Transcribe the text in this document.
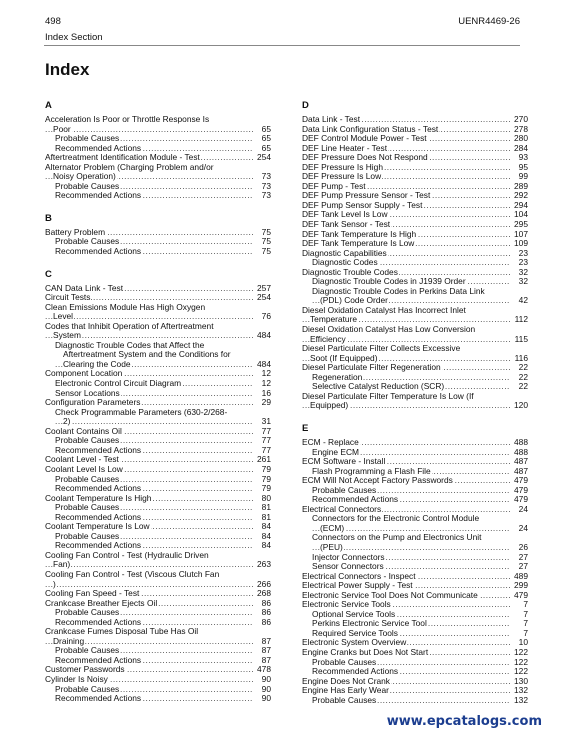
498	UENR4469-26
Index Section
Index
A
Acceleration Is Poor or Throttle Response Is
.....
Poor	65
.....
Probable Causes	65
.....
Recommended Actions	65
.....
Aftertreatment Identification Module - Test	254
Alternator Problem (Charging Problem and/or
.....
Noisy Operation)	73
.....
Probable Causes	73
.....
Recommended Actions	73
B
.....
Battery Problem	75
.....
Probable Causes	75
.....
Recommended Actions	75
C
.....
CAN Data Link - Test	257
.....
Circuit Tests	254
Clean Emissions Module Has High Oxygen
.....
Level	76
Codes that Inhibit Operation of Aftertreatment
.....
System	484
Diagnostic Trouble Codes that Affect the
Aftertreatment System and the Conditions for
.....
Clearing the Code	484
.....
Component Location	12
.....
Electronic Control Circuit Diagram	12
.....
Sensor Locations	16
.....
Configuration Parameters	29
Check Programmable Parameters (630-2/268-
.....
2)	31
.....
Coolant Contains Oil	77
.....
Probable Causes	77
.....
Recommended Actions	77
.....
Coolant Level - Test	261
.....
Coolant Level Is Low	79
.....
Probable Causes	79
.....
Recommended Actions	79
.....
Coolant Temperature Is High	80
.....
Probable Causes	81
.....
Recommended Actions	81
.....
Coolant Temperature Is Low	84
.....
Probable Causes	84
.....
Recommended Actions	84
Cooling Fan Control - Test (Hydraulic Driven
.....
Fan)	263
Cooling Fan Control - Test (Viscous Clutch Fan
.....
)	266
.....
Cooling Fan Speed - Test	268
.....
Crankcase Breather Ejects Oil	86
.....
Probable Causes	86
.....
Recommended Actions	86
Crankcase Fumes Disposal Tube Has Oil
.....
Draining	87
.....
Probable Causes	87
.....
Recommended Actions	87
.....
Customer Passwords	478
.....
Cylinder Is Noisy	90
.....
Probable Causes	90
.....
Recommended Actions	90
D
.....
Data Link - Test	270
.....
Data Link Configuration Status - Test	278
.....
DEF Control Module Power - Test	280
.....
DEF Line Heater - Test	284
.....
DEF Pressure Does Not Respond	93
.....
DEF Pressure Is High	95
.....
DEF Pressure Is Low	99
.....
DEF Pump - Test	289
.....
DEF Pump Pressure Sensor - Test	292
.....
DEF Pump Sensor Supply - Test	294
.....
DEF Tank Level Is Low	104
.....
DEF Tank Sensor - Test	295
.....
DEF Tank Temperature Is High	107
.....
DEF Tank Temperature Is Low	109
.....
Diagnostic Capabilities	23
.....
Diagnostic Codes	23
.....
Diagnostic Trouble Codes	32
.....
Diagnostic Trouble Codes in J1939 Order	32
Diagnostic Trouble Codes in Perkins Data Link
.....
(PDL) Code Order	42
Diesel Oxidation Catalyst Has Incorrect Inlet
.....
Temperature	112
Diesel Oxidation Catalyst Has Low Conversion
.....
Efficiency	115
Diesel Particulate Filter Collects Excessive
.....
Soot (If Equipped)	116
.....
Diesel Particulate Filter Regeneration	22
.....
Regeneration	22
.....
Selective Catalyst Reduction (SCR)	22
Diesel Particulate Filter Temperature Is Low (If
.....
Equipped)	120
E
.....
ECM - Replace	488
.....
Engine ECM	488
.....
ECM Software - Install	487
.....
Flash Programming a Flash File	487
.....
ECM Will Not Accept Factory Passwords	479
.....
Probable Causes	479
.....
Recommended Actions	479
.....
Electrical Connectors	24
Connectors for the Electronic Control Module
.....
(ECM)	24
Connectors on the Pump and Electronics Unit
.....
(PEU)	26
.....
Injector Connectors	27
.....
Sensor Connectors	27
.....
Electrical Connectors - Inspect	489
.....
Electrical Power Supply - Test	299
.....
Electronic Service Tool Does Not Communicate	479
.....
Electronic Service Tools	7
.....
Optional Service Tools	7
.....
Perkins Electronic Service Tool	7
.....
Required Service Tools	7
.....
Electronic System Overview	10
.....
Engine Cranks but Does Not Start	122
.....
Probable Causes	122
.....
Recommended Actions	122
.....
Engine Does Not Crank	130
.....
Engine Has Early Wear	132
.....
Probable Causes	132
www.epcatalogs.com
